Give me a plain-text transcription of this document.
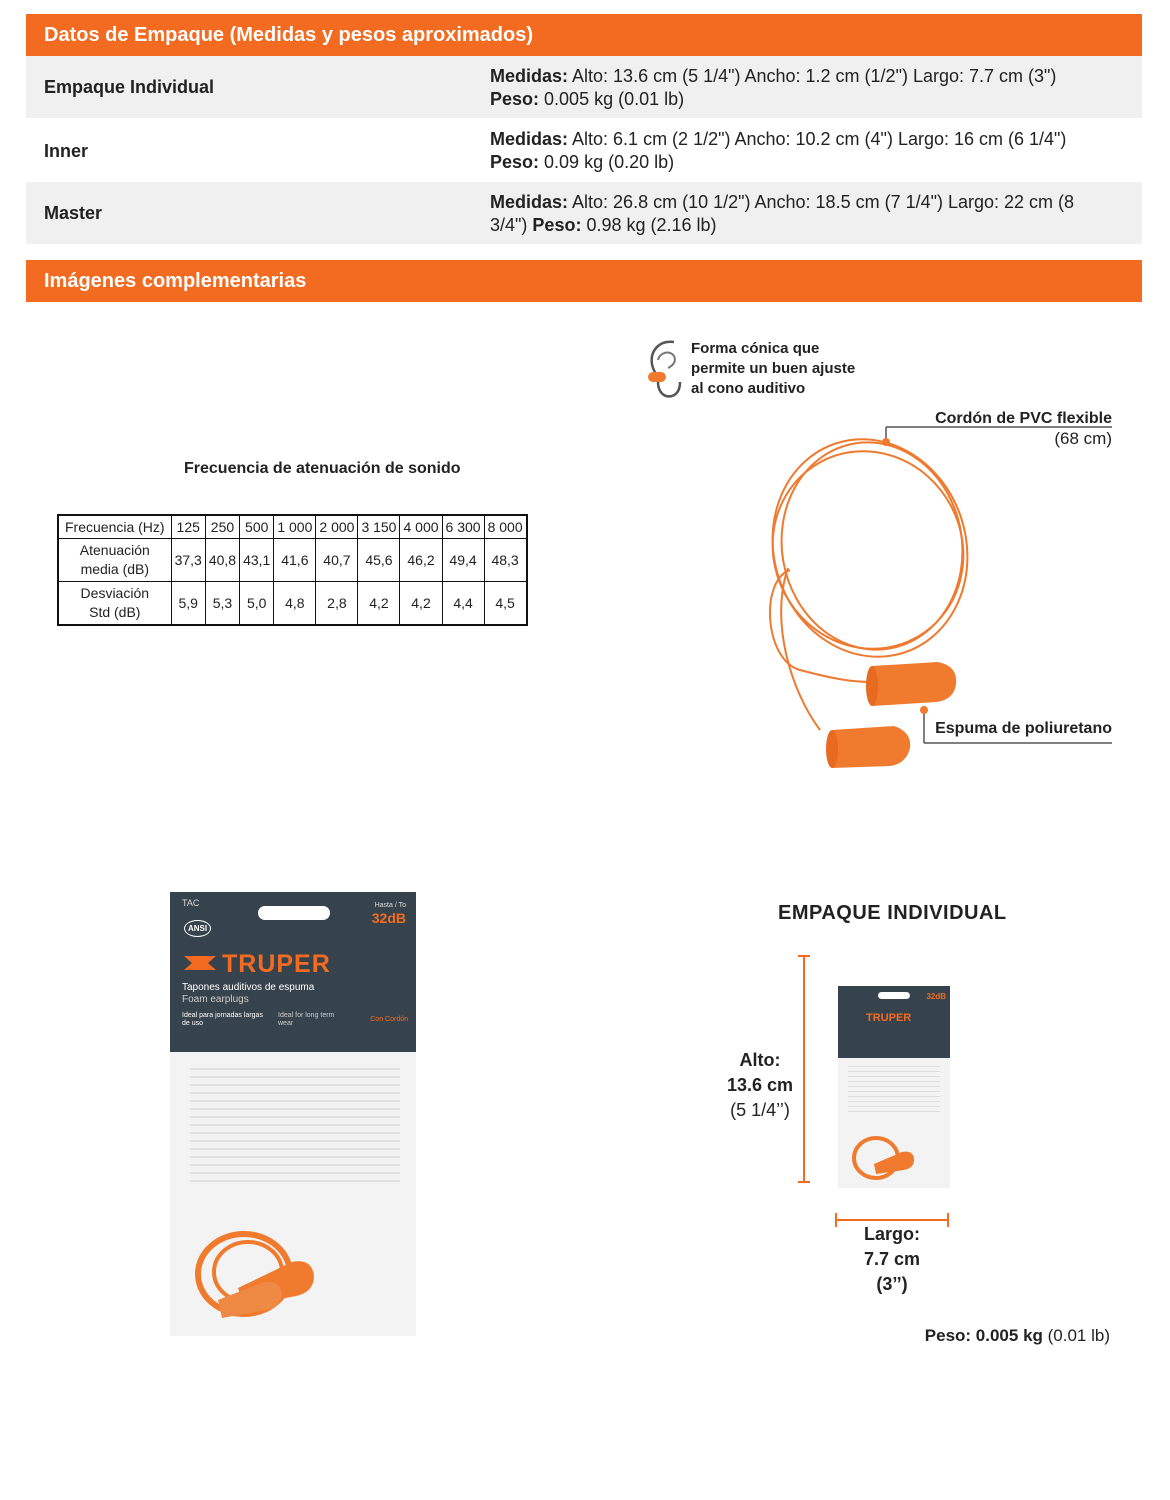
Datos de Empaque (Medidas y pesos aproximados)
Empaque Individual
Medidas: Alto: 13.6 cm (5 1/4") Ancho: 1.2 cm (1/2") Largo: 7.7 cm (3")
Peso: 0.005 kg (0.01 lb)
Inner
Medidas: Alto: 6.1 cm (2 1/2") Ancho: 10.2 cm (4") Largo: 16 cm (6 1/4")
Peso: 0.09 kg (0.20 lb)
Master
Medidas: Alto: 26.8 cm (10 1/2") Ancho: 18.5 cm (7 1/4") Largo: 22 cm (8 3/4") Peso: 0.98 kg (2.16 lb)
Imágenes complementarias
Frecuencia de atenuación de sonido
Frecuencia (Hz)	125	250	500	1 000	2 000	3 150	4 000	6 300	8 000
Atenuación
media (dB)	37,3	40,8	43,1	41,6	40,7	45,6	46,2	49,4	48,3
Desviación
Std (dB)	5,9	5,3	5,0	4,8	2,8	4,2	4,2	4,4	4,5
Forma cónica que
permite un buen ajuste
al cono auditivo
Cordón de PVC flexible
(68 cm)
Espuma de poliuretano
TAC
ANSI
Hasta / To
32dB
TRUPER
Tapones auditivos de espuma
Foam earplugs
Ideal para jornadas largas de uso
Ideal for long term wear
Con Cordón
EMPAQUE INDIVIDUAL
32dB
TRUPER
Alto:
13.6 cm
(5 1/4’’)
Largo:
7.7 cm
(3’’)
Peso: 0.005 kg (0.01 lb)
